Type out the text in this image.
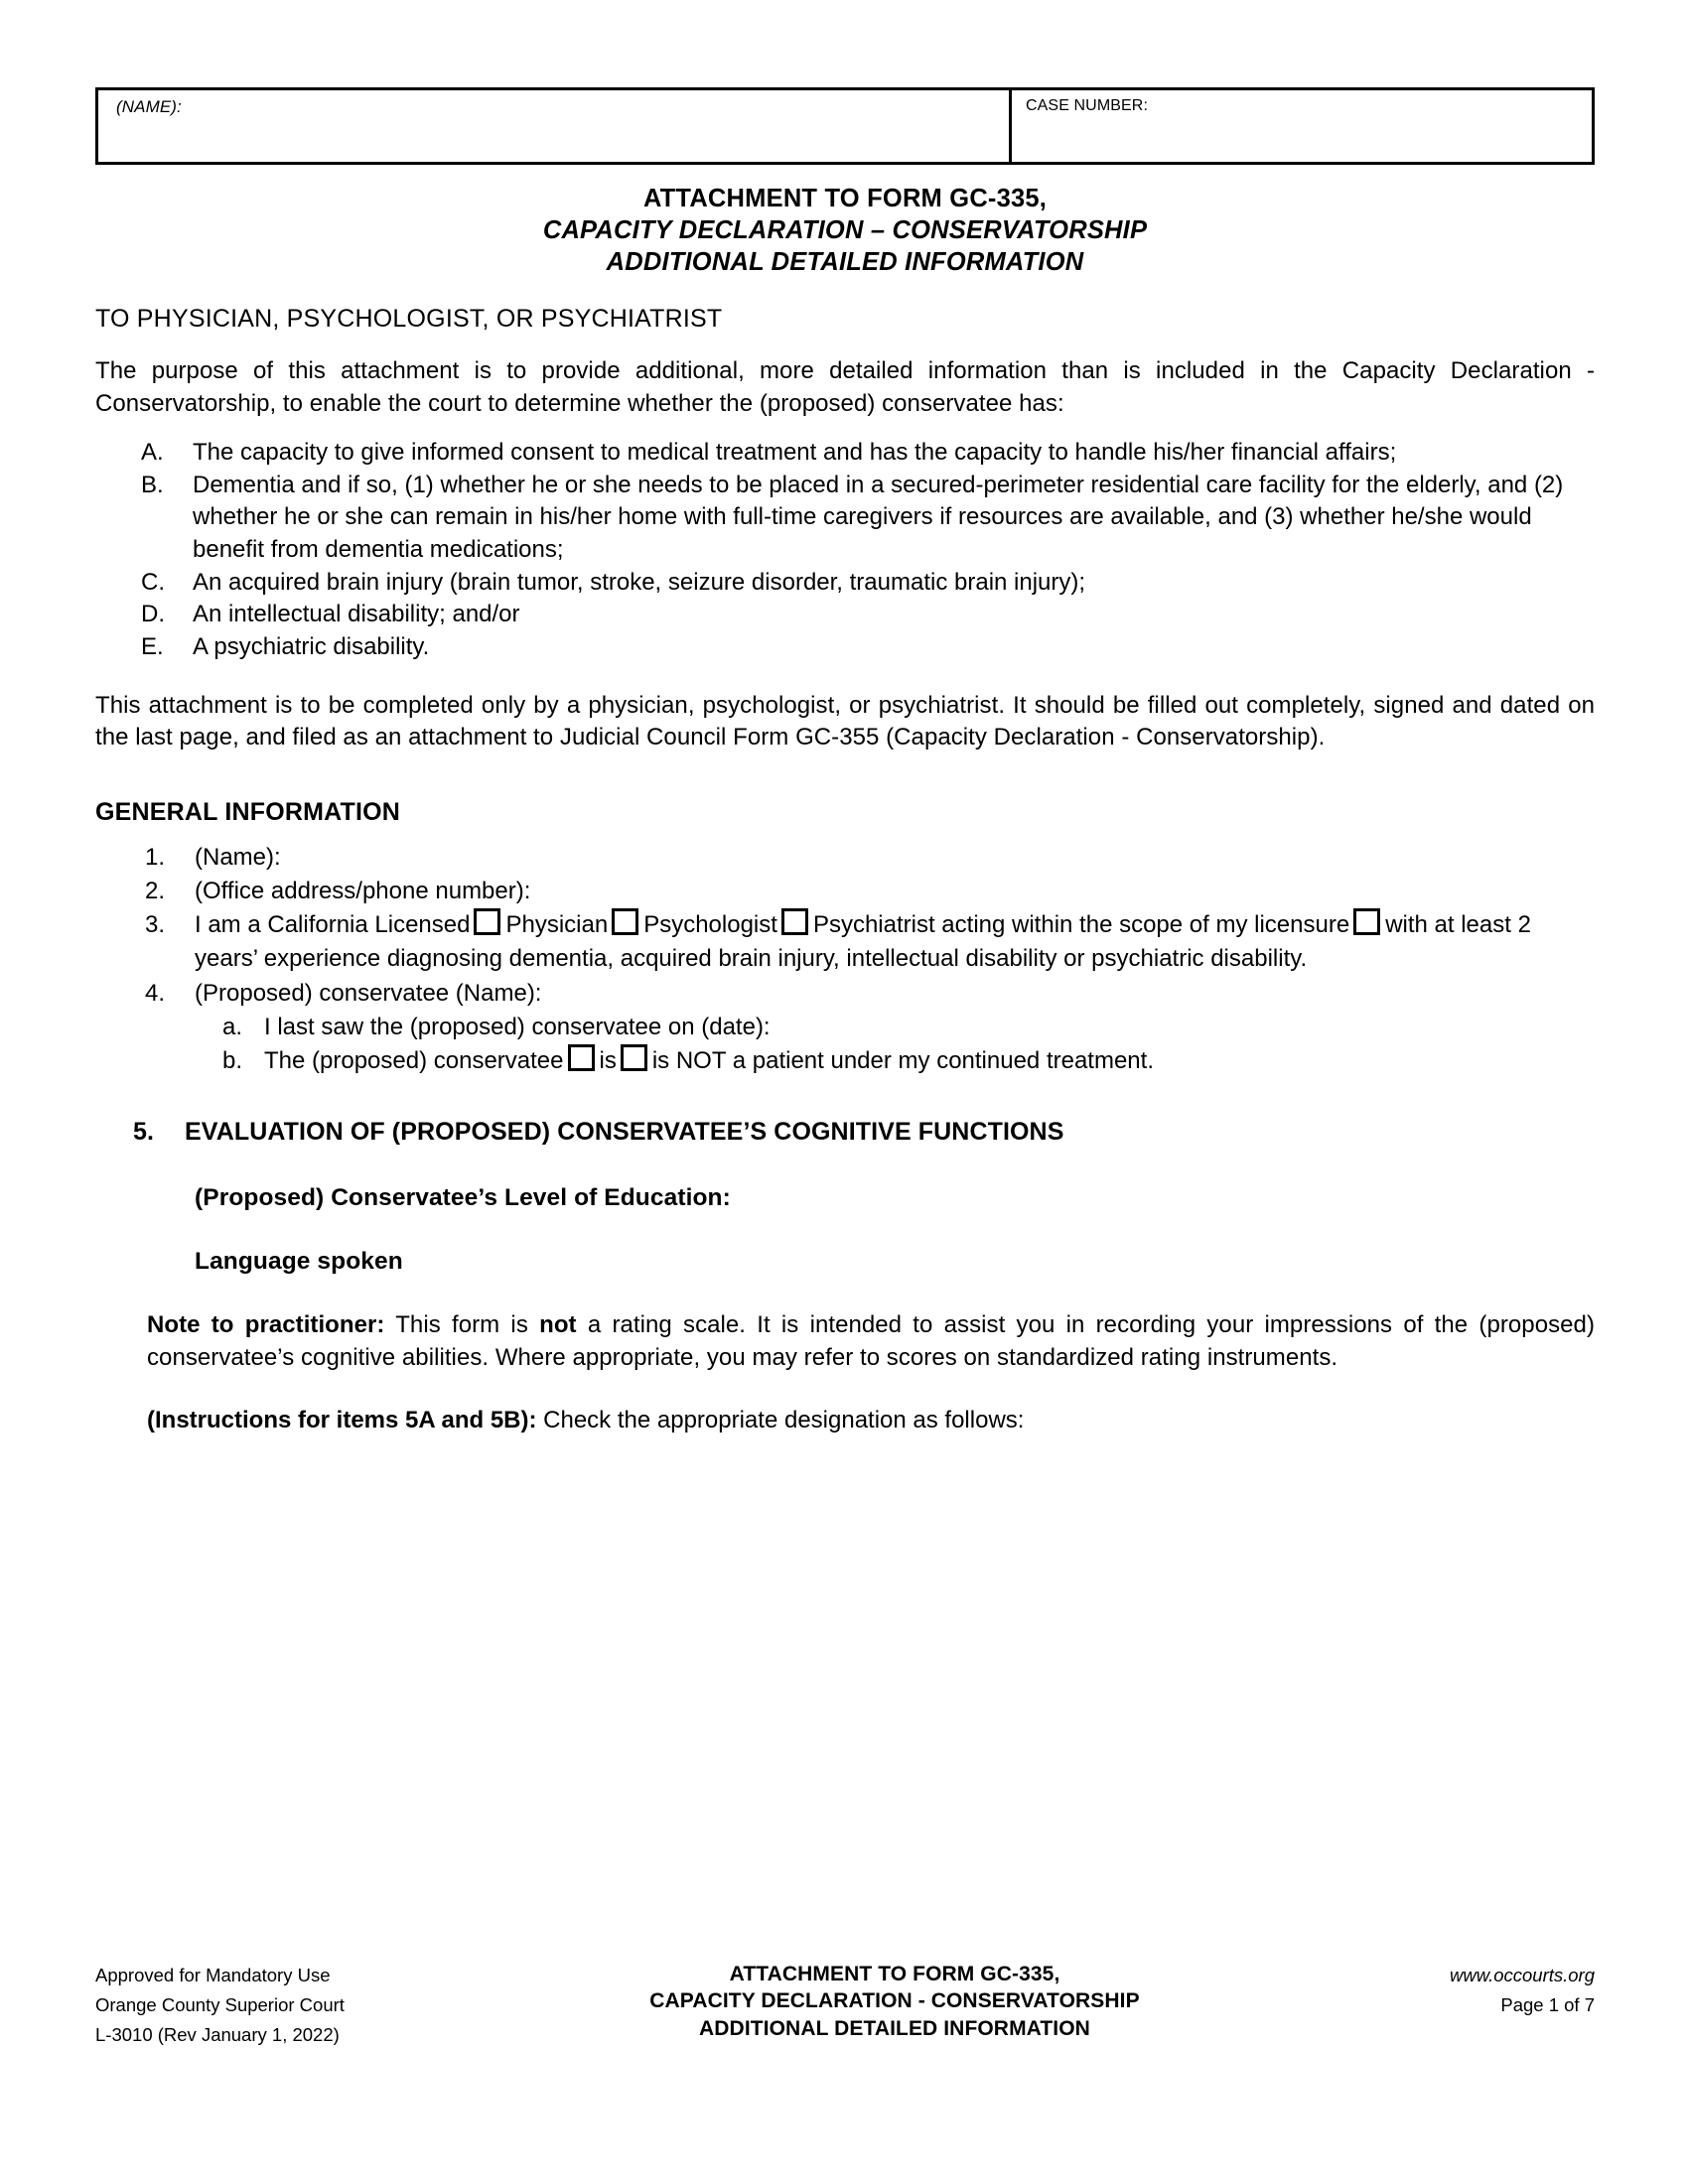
(NAME):	CASE NUMBER:
ATTACHMENT TO FORM GC-335,
CAPACITY DECLARATION – CONSERVATORSHIP
ADDITIONAL DETAILED INFORMATION
TO PHYSICIAN, PSYCHOLOGIST, OR PSYCHIATRIST

The purpose of this attachment is to provide additional, more detailed information than is included in the Capacity Declaration - Conservatorship, to enable the court to determine whether the (proposed) conservatee has:

A.	The capacity to give informed consent to medical treatment and has the capacity to handle his/her financial affairs;
B.	Dementia and if so, (1) whether he or she needs to be placed in a secured-perimeter residential care facility for the elderly, and (2) whether he or she can remain in his/her home with full-time caregivers if resources are available, and (3) whether he/she would benefit from dementia medications;
C.	An acquired brain injury (brain tumor, stroke, seizure disorder, traumatic brain injury);
D.	An intellectual disability; and/or
E.	A psychiatric disability.

This attachment is to be completed only by a physician, psychologist, or psychiatrist. It should be filled out completely, signed and dated on the last page, and filed as an attachment to Judicial Council Form GC-355 (Capacity Declaration - Conservatorship).

GENERAL INFORMATION
1.	(Name):
2.	(Office address/phone number):
3.	I am a California Licensed Physician Psychologist Psychiatrist acting within the scope of my licensure with at least 2 years’ experience diagnosing dementia, acquired brain injury, intellectual disability or psychiatric disability.
4.	(Proposed) conservatee (Name):
a. I last saw the (proposed) conservatee on (date):
b. The (proposed) conservatee is is NOT a patient under my continued treatment.
5.	EVALUATION OF (PROPOSED) CONSERVATEE’S COGNITIVE FUNCTIONS
(Proposed) Conservatee’s Level of Education:
Language spoken

Note to practitioner: This form is not a rating scale. It is intended to assist you in recording your impressions of the (proposed) conservatee’s cognitive abilities. Where appropriate, you may refer to scores on standardized rating instruments.

(Instructions for items 5A and 5B): Check the appropriate designation as follows:

Approved for Mandatory Use
Orange County Superior Court
L-3010 (Rev January 1, 2022)
ATTACHMENT TO FORM GC-335,
CAPACITY DECLARATION - CONSERVATORSHIP
ADDITIONAL DETAILED INFORMATION
www.occourts.org
Page 1 of 7
